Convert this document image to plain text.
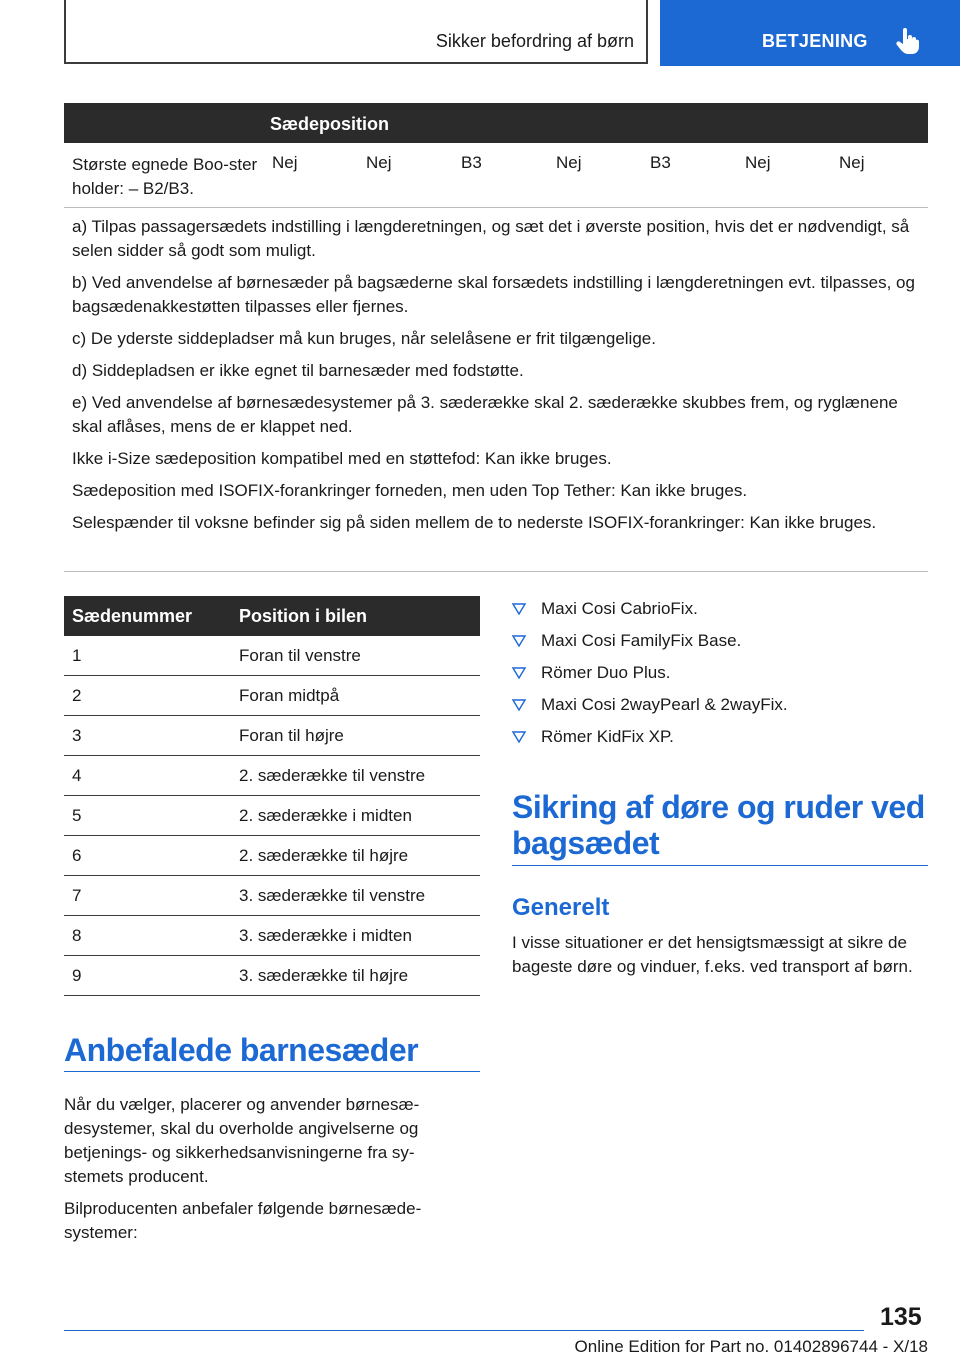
Sikker befordring af børn	BETJENING
Sædeposition
Største egnede Boo-ster holder: – B2/B3.
Nej	Nej	B3	Nej	B3	Nej	Nej

a) Tilpas passagersædets indstilling i længderetningen, og sæt det i øverste position, hvis det er nødvendigt, så selen sidder så godt som muligt.

b) Ved anvendelse af børnesæder på bagsæderne skal forsædets indstilling i længderetningen evt. tilpasses, og bagsædenakkestøtten tilpasses eller fjernes.

c) De yderste siddepladser må kun bruges, når selelåsene er frit tilgængelige.

d) Siddepladsen er ikke egnet til barnesæder med fodstøtte.

e) Ved anvendelse af børnesædesystemer på 3. sæderække skal 2. sæderække skubbes frem, og ryglænene skal aflåses, mens de er klappet ned.

Ikke i-Size sædeposition kompatibel med en støttefod: Kan ikke bruges.

Sædeposition med ISOFIX-forankringer forneden, men uden Top Tether: Kan ikke bruges.

Selespænder til voksne befinder sig på siden mellem de to nederste ISOFIX-forankringer: Kan ikke bruges.

Sædenummer	Position i bilen
1	Foran til venstre
2	Foran midtpå
3	Foran til højre
4	2. sæderække til venstre
5	2. sæderække i midten
6	2. sæderække til højre
7	3. sæderække til venstre
8	3. sæderække i midten
9	3. sæderække til højre
Anbefalede barnesæder

Når du vælger, placerer og anvender børnesæ-desystemer, skal du overholde angivelserne og betjenings- og sikkerhedsanvisningerne fra sy-stemets producent.

Bilproducenten anbefaler følgende børnesæde-systemer:

Maxi Cosi CabrioFix.
Maxi Cosi FamilyFix Base.
Römer Duo Plus.
Maxi Cosi 2wayPearl & 2wayFix.
Römer KidFix XP.
Sikring af døre og ruder ved bagsædet
Generelt

I visse situationer er det hensigtsmæssigt at sikre de bageste døre og vinduer, f.eks. ved transport af børn.

135
Online Edition for Part no. 01402896744 - X/18
